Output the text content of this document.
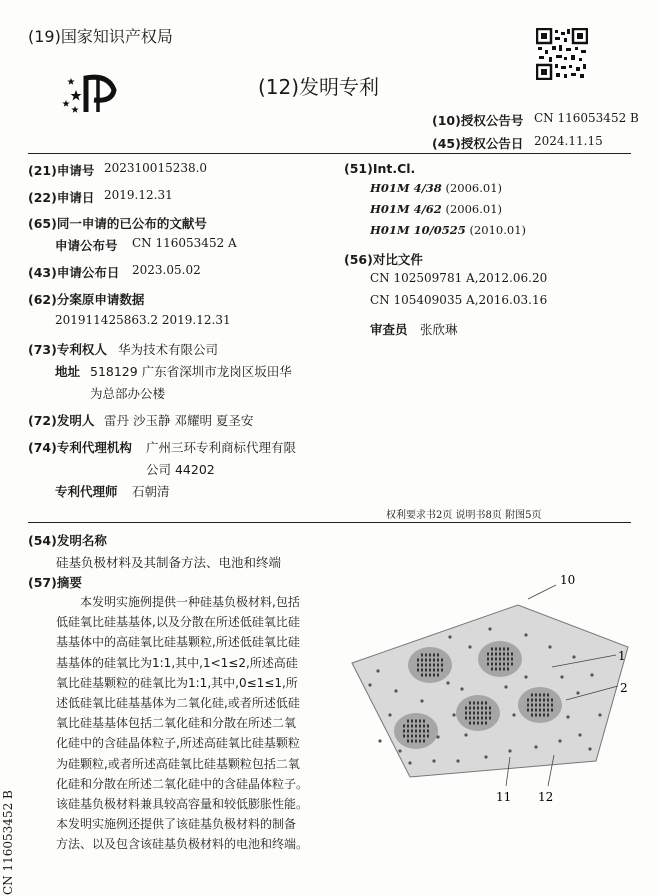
(19)国家知识产权局
(12)发明专利
(10)授权公告号 CN 116053452 B
(45)授权公告日 2024.11.15
(21)申请号 202310015238.0
(22)申请日 2019.12.31
(65)同一申请的已公布的文献号
申请公布号 CN 116053452 A
(43)申请公布日 2023.05.02
(62)分案原申请数据
201911425863.2 2019.12.31
(73)专利权人 华为技术有限公司
地址 518129 广东省深圳市龙岗区坂田华
为总部办公楼
(72)发明人 雷丹 沙玉静 邓耀明 夏圣安
(74)专利代理机构 广州三环专利商标代理有限
公司 44202
专利代理师 石朝清
(51)Int.Cl.
H01M 4/38 (2006.01)
H01M 4/62 (2006.01)
H01M 10/0525 (2010.01)
(56)对比文件
CN 102509781 A,2012.06.20
CN 105409035 A,2016.03.16
审查员 张欣琳
权利要求书2页 说明书8页 附图5页
(54)发明名称
硅基负极材料及其制备方法、电池和终端
(57)摘要
本发明实施例提供一种硅基负极材料,包括
低硅氧比硅基基体,以及分散在所述低硅氧比硅
基基体中的高硅氧比硅基颗粒,所述低硅氧比硅
基基体的硅氧比为1:1,其中,1<1≤2,所述高硅
氧比硅基颗粒的硅氧比为1:1,其中,0≤1≤1,所
述低硅氧比硅基基体为二氧化硅,或者所述低硅
氧比硅基基体包括二氧化硅和分散在所述二氧
化硅中的含硅晶体粒子,所述高硅氧比硅基颗粒
为硅颗粒,或者所述高硅氧比硅基颗粒包括二氧
化硅和分散在所述二氧化硅中的含硅晶体粒子。
该硅基负极材料兼具较高容量和较低膨胀性能。
本发明实施例还提供了该硅基负极材料的制备
方法、以及包含该硅基负极材料的电池和终端。
10
1
2
11 12
CN 116053452 B
